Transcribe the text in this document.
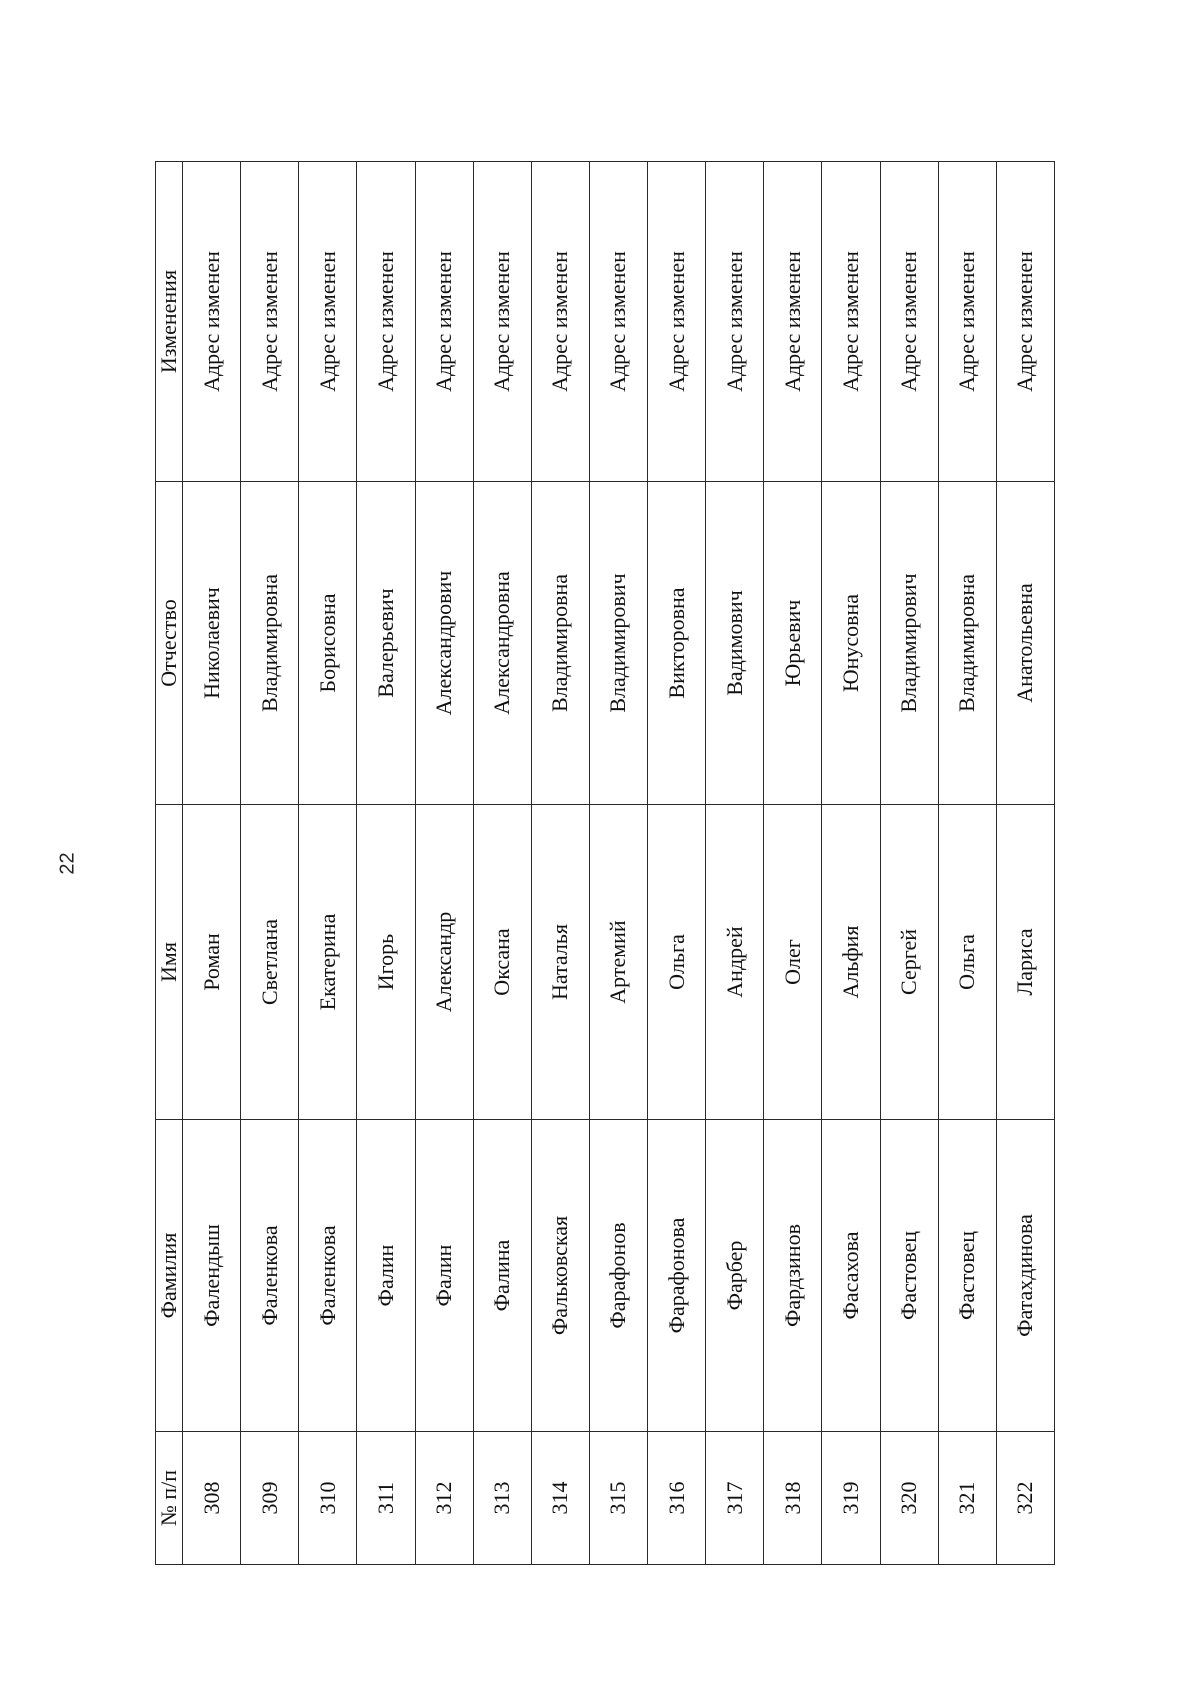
22
№ п/п	Фамилия	Имя	Отчество	Изменения
308	Фалендыш	Роман	Николаевич	Адрес изменен
309	Фаленкова	Светлана	Владимировна	Адрес изменен
310	Фаленкова	Екатерина	Борисовна	Адрес изменен
311	Фалин	Игорь	Валерьевич	Адрес изменен
312	Фалин	Александр	Александрович	Адрес изменен
313	Фалина	Оксана	Александровна	Адрес изменен
314	Фальковская	Наталья	Владимировна	Адрес изменен
315	Фарафонов	Артемий	Владимирович	Адрес изменен
316	Фарафонова	Ольга	Викторовна	Адрес изменен
317	Фарбер	Андрей	Вадимович	Адрес изменен
318	Фардзинов	Олег	Юрьевич	Адрес изменен
319	Фасахова	Альфия	Юнусовна	Адрес изменен
320	Фастовец	Сергей	Владимирович	Адрес изменен
321	Фастовец	Ольга	Владимировна	Адрес изменен
322	Фатахдинова	Лариса	Анатольевна	Адрес изменен
